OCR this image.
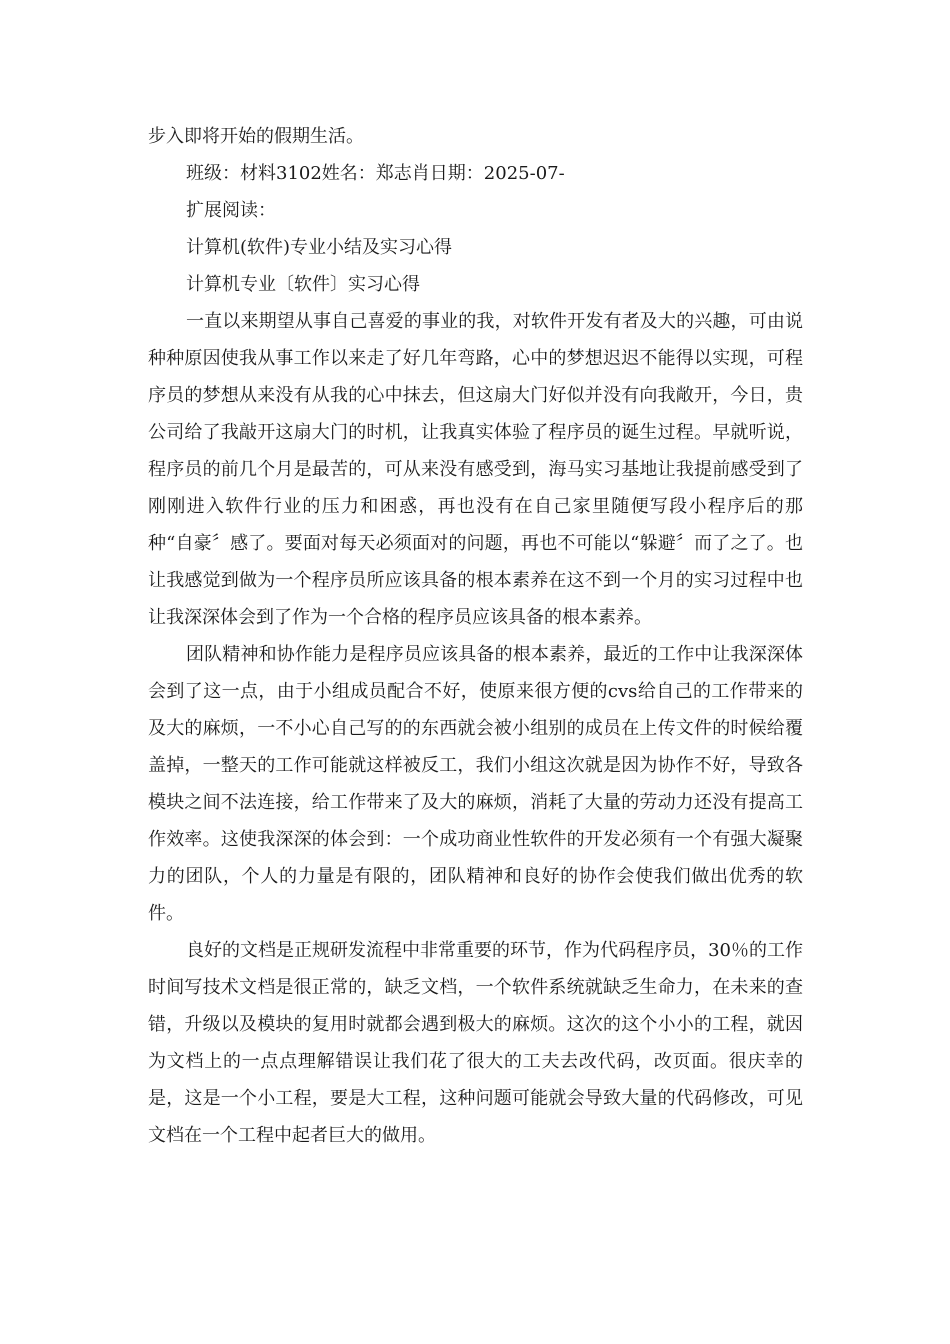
步入即将开始的假期生活。

班级：材料3102姓名：郑志肖日期：2025-07-

扩展阅读：

计算机(软件)专业小结及实习心得

计算机专业〔软件〕实习心得

一直以来期望从事自己喜爱的事业的我，对软件开发有者及大的兴趣，可由说种种原因使我从事工作以来走了好几年弯路，心中的梦想迟迟不能得以实现，可程序员的梦想从来没有从我的心中抹去，但这扇大门好似并没有向我敞开，今日，贵公司给了我敲开这扇大门的时机，让我真实体验了程序员的诞生过程。早就听说，程序员的前几个月是最苦的，可从来没有感受到，海马实习基地让我提前感受到了刚刚进入软件行业的压力和困惑，再也没有在自己家里随便写段小程序后的那种“自豪〞感了。要面对每天必须面对的问题，再也不可能以“躲避〞而了之了。也让我感觉到做为一个程序员所应该具备的根本素养在这不到一个月的实习过程中也让我深深体会到了作为一个合格的程序员应该具备的根本素养。

团队精神和协作能力是程序员应该具备的根本素养，最近的工作中让我深深体会到了这一点，由于小组成员配合不好，使原来很方便的cvs给自己的工作带来的及大的麻烦，一不小心自己写的的东西就会被小组别的成员在上传文件的时候给覆盖掉，一整天的工作可能就这样被反工，我们小组这次就是因为协作不好，导致各模块之间不法连接，给工作带来了及大的麻烦，消耗了大量的劳动力还没有提高工作效率。这使我深深的体会到：一个成功商业性软件的开发必须有一个有强大凝聚力的团队，个人的力量是有限的，团队精神和良好的协作会使我们做出优秀的软件。

良好的文档是正规研发流程中非常重要的环节，作为代码程序员，30％的工作时间写技术文档是很正常的，缺乏文档，一个软件系统就缺乏生命力，在未来的查错，升级以及模块的复用时就都会遇到极大的麻烦。这次的这个小小的工程，就因为文档上的一点点理解错误让我们花了很大的工夫去改代码，改页面。很庆幸的是，这是一个小工程，要是大工程，这种问题可能就会导致大量的代码修改，可见文档在一个工程中起者巨大的做用。
